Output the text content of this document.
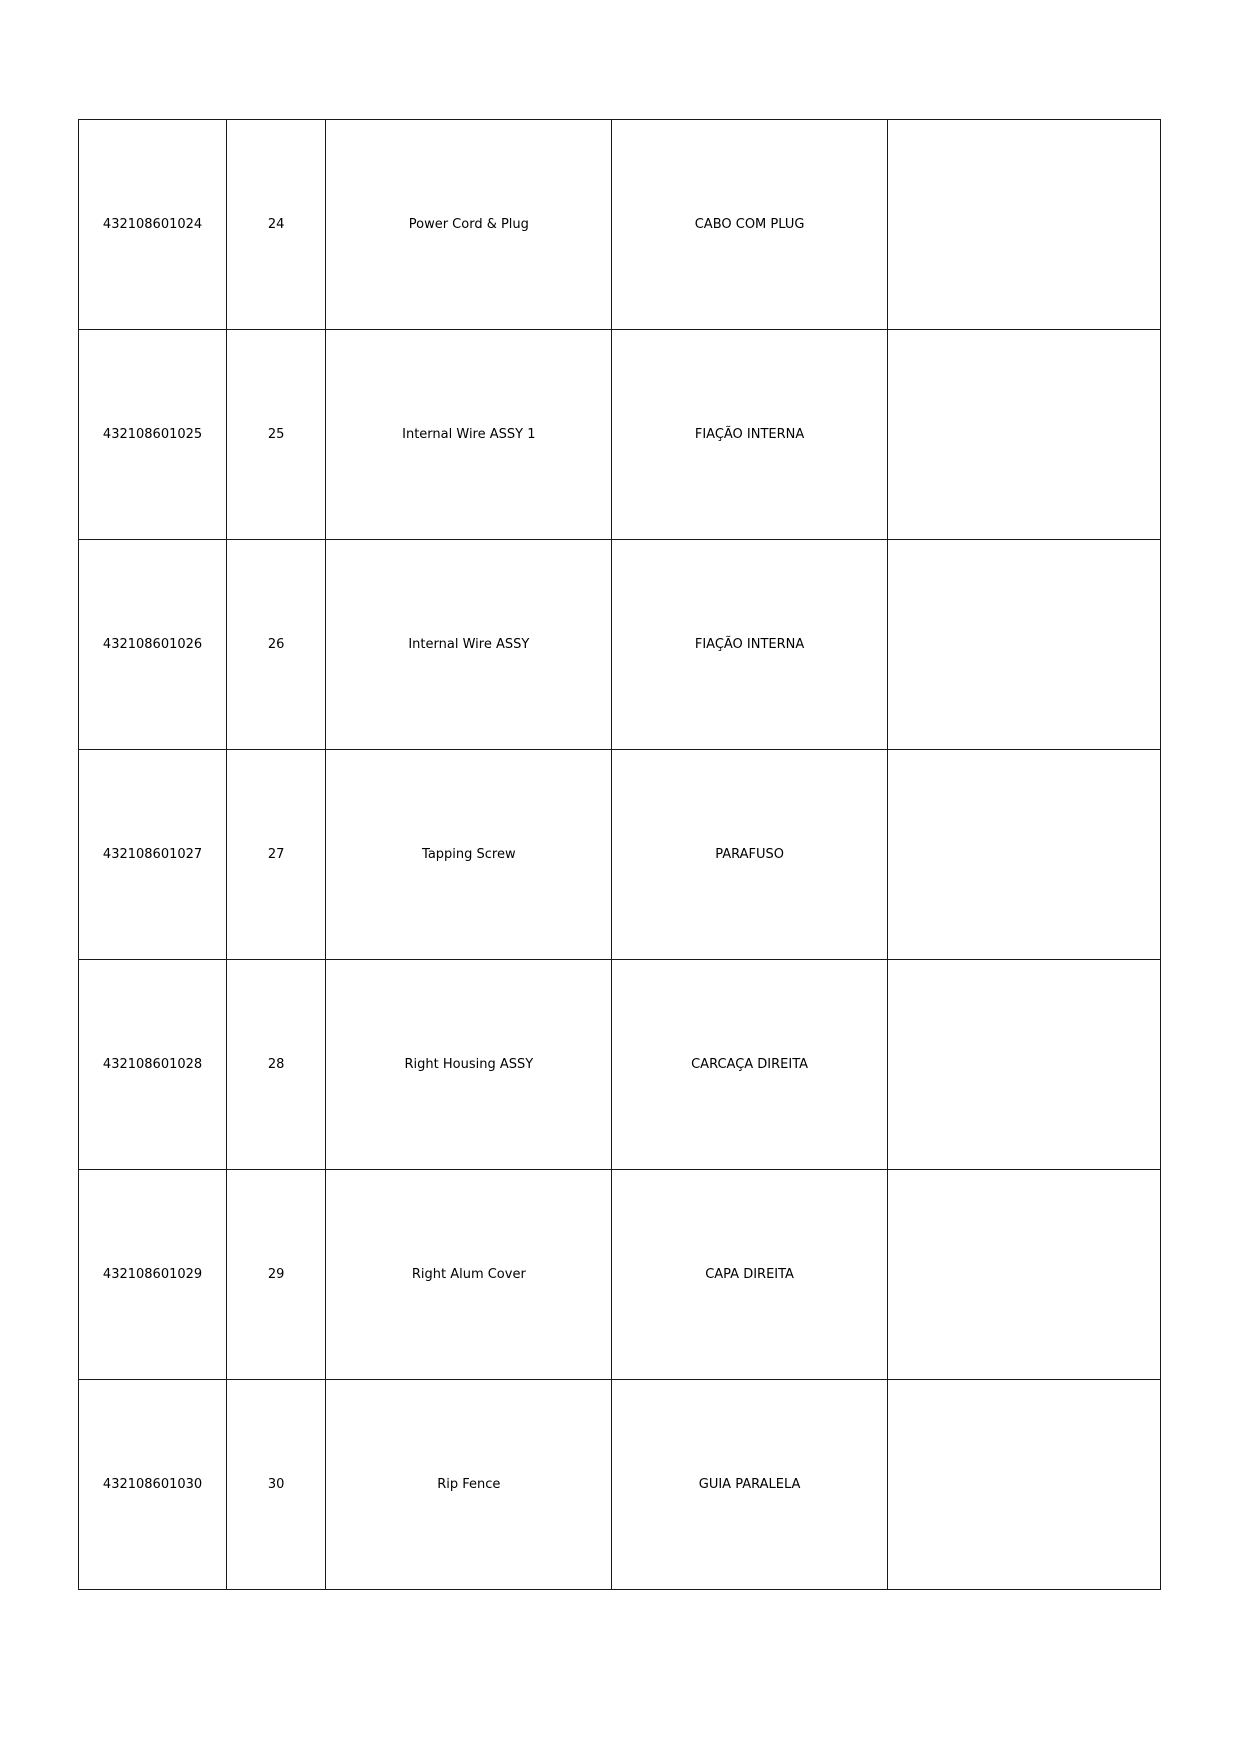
432108601024	24	Power Cord & Plug	CABO COM PLUG	
432108601025	25	Internal Wire ASSY 1	FIAÇÃO INTERNA	
432108601026	26	Internal Wire ASSY	FIAÇÃO INTERNA	
432108601027	27	Tapping Screw	PARAFUSO	
432108601028	28	Right Housing ASSY	CARCAÇA DIREITA	
432108601029	29	Right Alum Cover	CAPA DIREITA	
432108601030	30	Rip Fence	GUIA PARALELA	
